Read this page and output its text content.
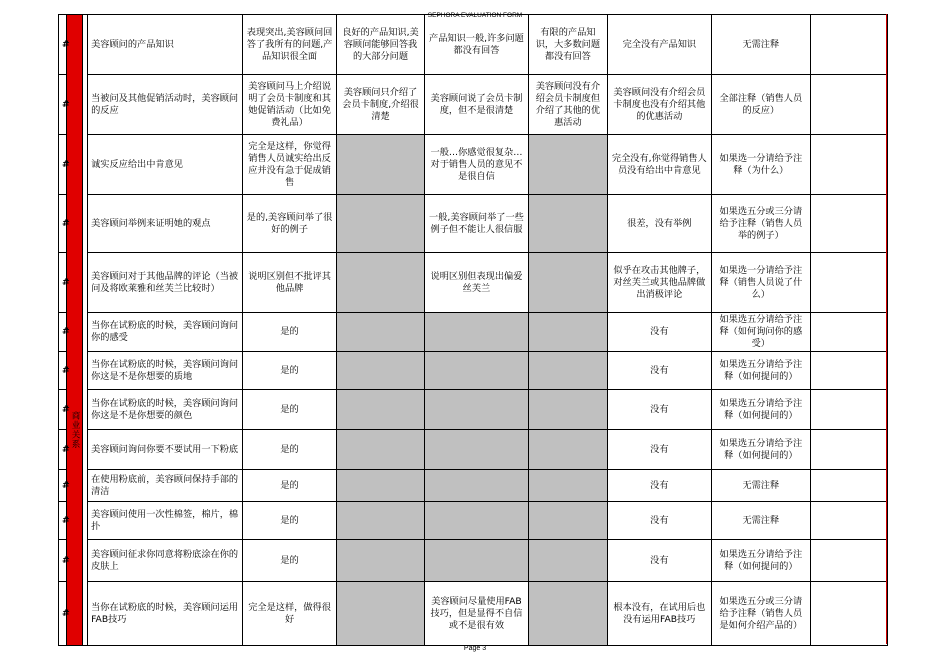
SEPHORA EVALUATION FORM
#	商业关系		美容顾问的产品知识	表现突出,美容顾问回答了我所有的问题,产品知识很全面	良好的产品知识,美容顾问能够回答我的大部分问题	产品知识一般,许多问题都没有回答	有限的产品知识，大多数问题都没有回答	完全没有产品知识	无需注释	
#			当被问及其他促销活动时，美容顾问的反应	美容顾问马上介绍说明了会员卡制度和其她促销活动（比如免费礼品）	美容顾问只介绍了会员卡制度,介绍很清楚	美容顾问说了会员卡制度，但不是很清楚	美容顾问没有介绍会员卡制度但介绍了其他的优惠活动	美容顾问没有介绍会员卡制度也没有介绍其他的优惠活动	全部注释（销售人员的反应）	
#			诚实反应给出中肯意见	完全是这样，你觉得销售人员诚实给出反应并没有急于促成销售		一般…你感觉很复杂…对于销售人员的意见不是很自信		完全没有,你觉得销售人员没有给出中肯意见	如果选一分请给予注释（为什么）	
#			美容顾问举例来证明她的观点	是的,美容顾问举了很好的例子		一般,美容顾问举了一些例子但不能让人很信服		很差，没有举例	如果选五分或三分请给予注释（销售人员举的例子）	
#			美容顾问对于其他品牌的评论（当被问及将欧莱雅和丝芙兰比较时）	说明区别但不批评其他品牌		说明区别但表现出偏爱丝芙兰		似乎在攻击其他牌子，对丝芙兰或其他品牌做出消极评论	如果选一分请给予注释（销售人员说了什么）	
#			当你在试粉底的时候，美容顾问询问你的感受	是的				没有	如果选五分请给予注释（如何询问你的感受）	
#			当你在试粉底的时候，美容顾问询问你这是不是你想要的质地	是的				没有	如果选五分请给予注释（如何提问的）	
#			当你在试粉底的时候，美容顾问询问你这是不是你想要的颜色	是的				没有	如果选五分请给予注释（如何提问的）	
#			美容顾问询问你要不要试用一下粉底	是的				没有	如果选五分请给予注释（如何提问的）	
#			在使用粉底前，美容顾问保持手部的清洁	是的				没有	无需注释	
#			美容顾问使用一次性棉签，棉片，棉扑	是的				没有	无需注释	
#			美容顾问征求你同意将粉底涂在你的皮肤上	是的				没有	如果选五分请给予注释（如何提问的）	
#			当你在试粉底的时候，美容顾问运用FAB技巧	完全是这样，做得很好		美容顾问尽量使用FAB技巧，但是显得不自信或不是很有效		根本没有，在试用后也没有运用FAB技巧	如果选五分或三分请给予注释（销售人员是如何介绍产品的）	
Page 3
